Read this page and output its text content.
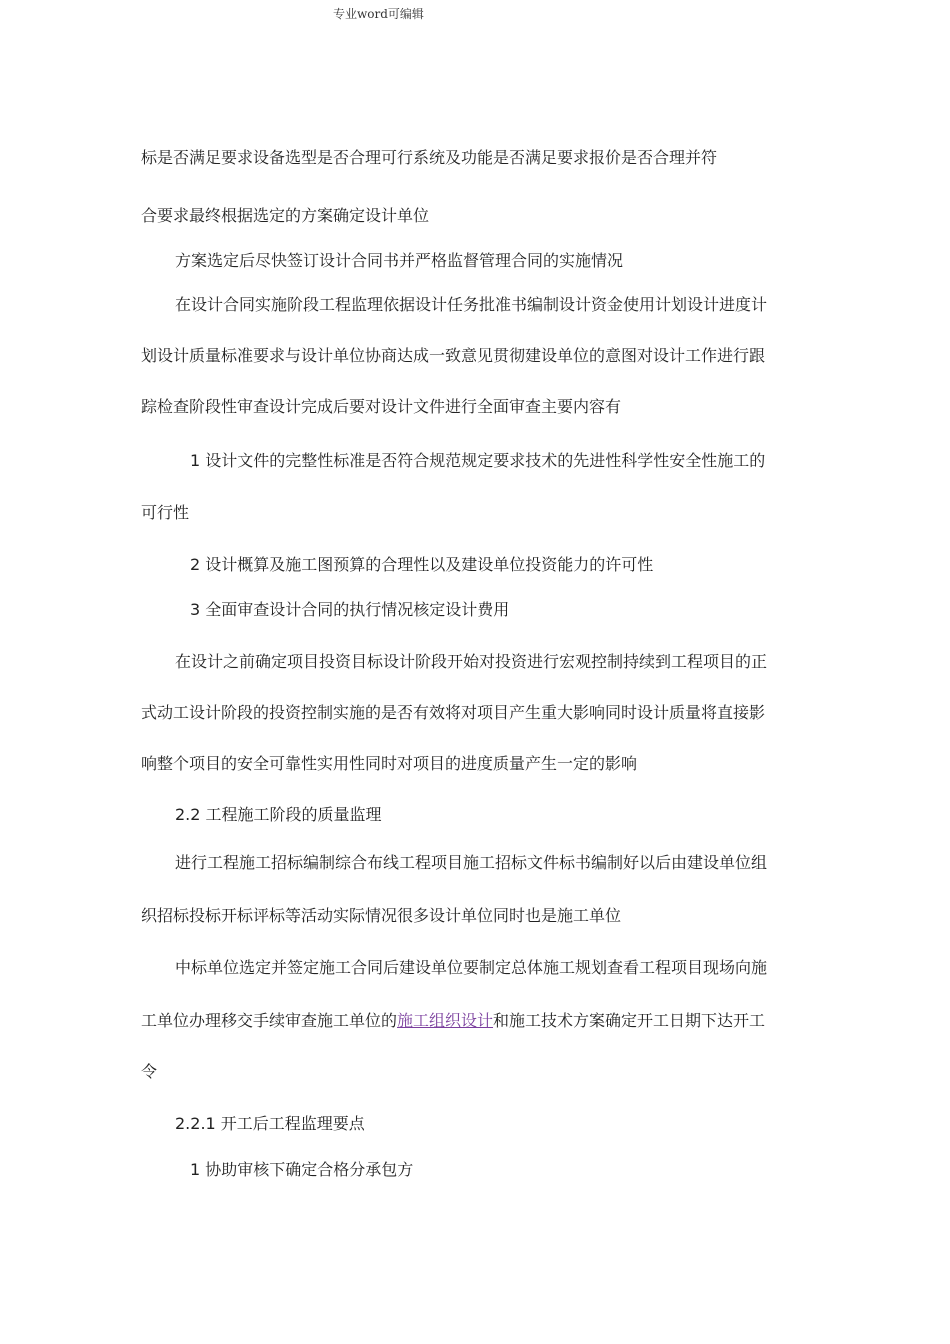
专业word可编辑
标是否满足要求设备选型是否合理可行系统及功能是否满足要求报价是否合理并符
合要求最终根据选定的方案确定设计单位
方案选定后尽快签订设计合同书并严格监督管理合同的实施情况
在设计合同实施阶段工程监理依据设计任务批准书编制设计资金使用计划设计进度计
划设计质量标准要求与设计单位协商达成一致意见贯彻建设单位的意图对设计工作进行跟
踪检查阶段性审查设计完成后要对设计文件进行全面审查主要内容有
1 设计文件的完整性标准是否符合规范规定要求技术的先进性科学性安全性施工的
可行性
2 设计概算及施工图预算的合理性以及建设单位投资能力的许可性
3 全面审查设计合同的执行情况核定设计费用
在设计之前确定项目投资目标设计阶段开始对投资进行宏观控制持续到工程项目的正
式动工设计阶段的投资控制实施的是否有效将对项目产生重大影响同时设计质量将直接影
响整个项目的安全可靠性实用性同时对项目的进度质量产生一定的影响
2.2 工程施工阶段的质量监理
进行工程施工招标编制综合布线工程项目施工招标文件标书编制好以后由建设单位组
织招标投标开标评标等活动实际情况很多设计单位同时也是施工单位
中标单位选定并签定施工合同后建设单位要制定总体施工规划查看工程项目现场向施
工单位办理移交手续审查施工单位的施工组织设计和施工技术方案确定开工日期下达开工
令
2.2.1 开工后工程监理要点
1 协助审核下确定合格分承包方
